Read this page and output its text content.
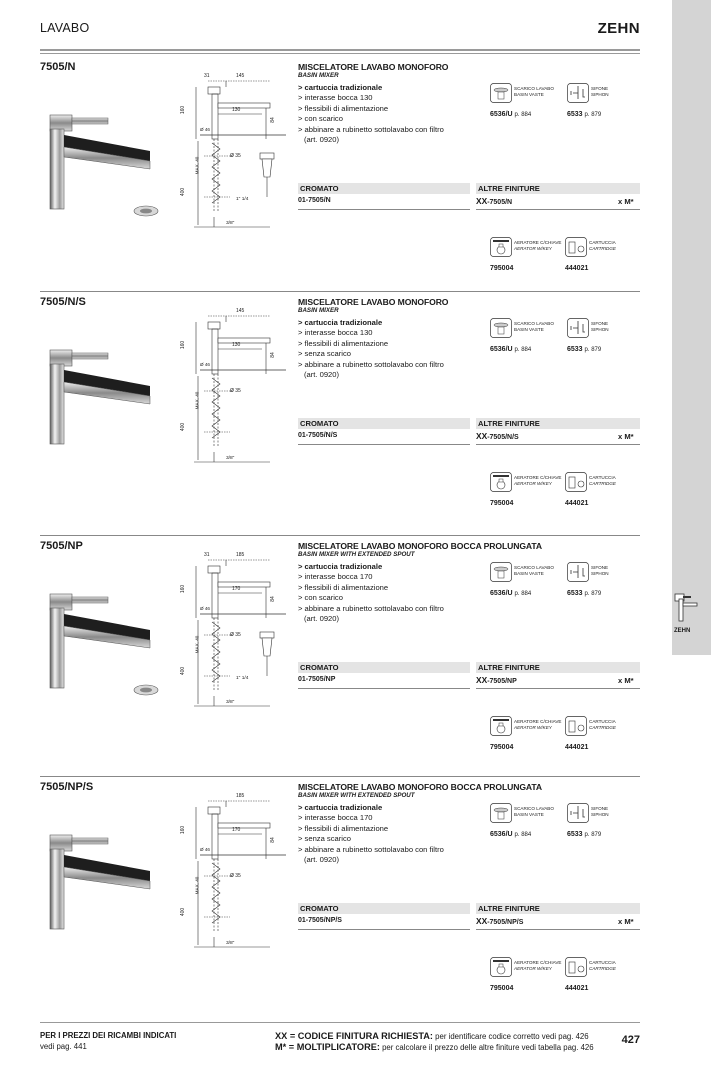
LAVABO	ZEHN
ZEHN
7505/N
31	145
130
160
Ø 46
84
Ø 35
400
MAX. 40
1" 1/4
3/8"
MISCELATORE LAVABO MONOFORO
BASIN MIXER
> cartuccia tradizionale
> interasse bocca 130
> flessibili di alimentazione
> con scarico
> abbinare a rubinetto sottolavabo con filtro
(art. 0920)
SCARICO LAVABO
BASIN VASTE
SIFONE
SIPHON
6536/U p. 884	6533 p. 879
CROMATO
01-7505/N
ALTRE FINITURE
XX-7505/N	x M*
AERATORE C/CHIAVE
AERATOR W/KEY
CARTUCCIA
CARTRIDGE
795004	444021
7505/N/S
145
130
160
Ø 46
84
Ø 35
400
MAX. 40
3/8"
MISCELATORE LAVABO MONOFORO
BASIN MIXER
> cartuccia tradizionale
> interasse bocca 130
> flessibili di alimentazione
> senza scarico
> abbinare a rubinetto sottolavabo con filtro
(art. 0920)
SCARICO LAVABO
BASIN VASTE
SIFONE
SIPHON
6536/U p. 884	6533 p. 879
CROMATO
01-7505/N/S
ALTRE FINITURE
XX-7505/N/S	x M*
AERATORE C/CHIAVE
AERATOR W/KEY
CARTUCCIA
CARTRIDGE
795004	444021
7505/NP
31	185
170
160
Ø 46
84
Ø 35
400
MAX. 40
1" 1/4
3/8"
MISCELATORE LAVABO MONOFORO BOCCA PROLUNGATA
BASIN MIXER WITH EXTENDED SPOUT
> cartuccia tradizionale
> interasse bocca 170
> flessibili di alimentazione
> con scarico
> abbinare a rubinetto sottolavabo con filtro
(art. 0920)
SCARICO LAVABO
BASIN VASTE
SIFONE
SIPHON
6536/U p. 884	6533 p. 879
CROMATO
01-7505/NP
ALTRE FINITURE
XX-7505/NP	x M*
AERATORE C/CHIAVE
AERATOR W/KEY
CARTUCCIA
CARTRIDGE
795004	444021
7505/NP/S
185
170
160
Ø 46
84
Ø 35
400
MAX. 40
3/8"
MISCELATORE LAVABO MONOFORO BOCCA PROLUNGATA
BASIN MIXER WITH EXTENDED SPOUT
> cartuccia tradizionale
> interasse bocca 170
> flessibili di alimentazione
> senza scarico
> abbinare a rubinetto sottolavabo con filtro
(art. 0920)
SCARICO LAVABO
BASIN VASTE
SIFONE
SIPHON
6536/U p. 884	6533 p. 879
CROMATO
01-7505/NP/S
ALTRE FINITURE
XX-7505/NP/S	x M*
AERATORE C/CHIAVE
AERATOR W/KEY
CARTUCCIA
CARTRIDGE
795004	444021
PER I PREZZI DEI RICAMBI INDICATI
vedi pag. 441
XX = CODICE FINITURA RICHIESTA: per identificare codice corretto vedi pag. 426
M* = MOLTIPLICATORE: per calcolare il prezzo delle altre finiture vedi tabella pag. 426
427
